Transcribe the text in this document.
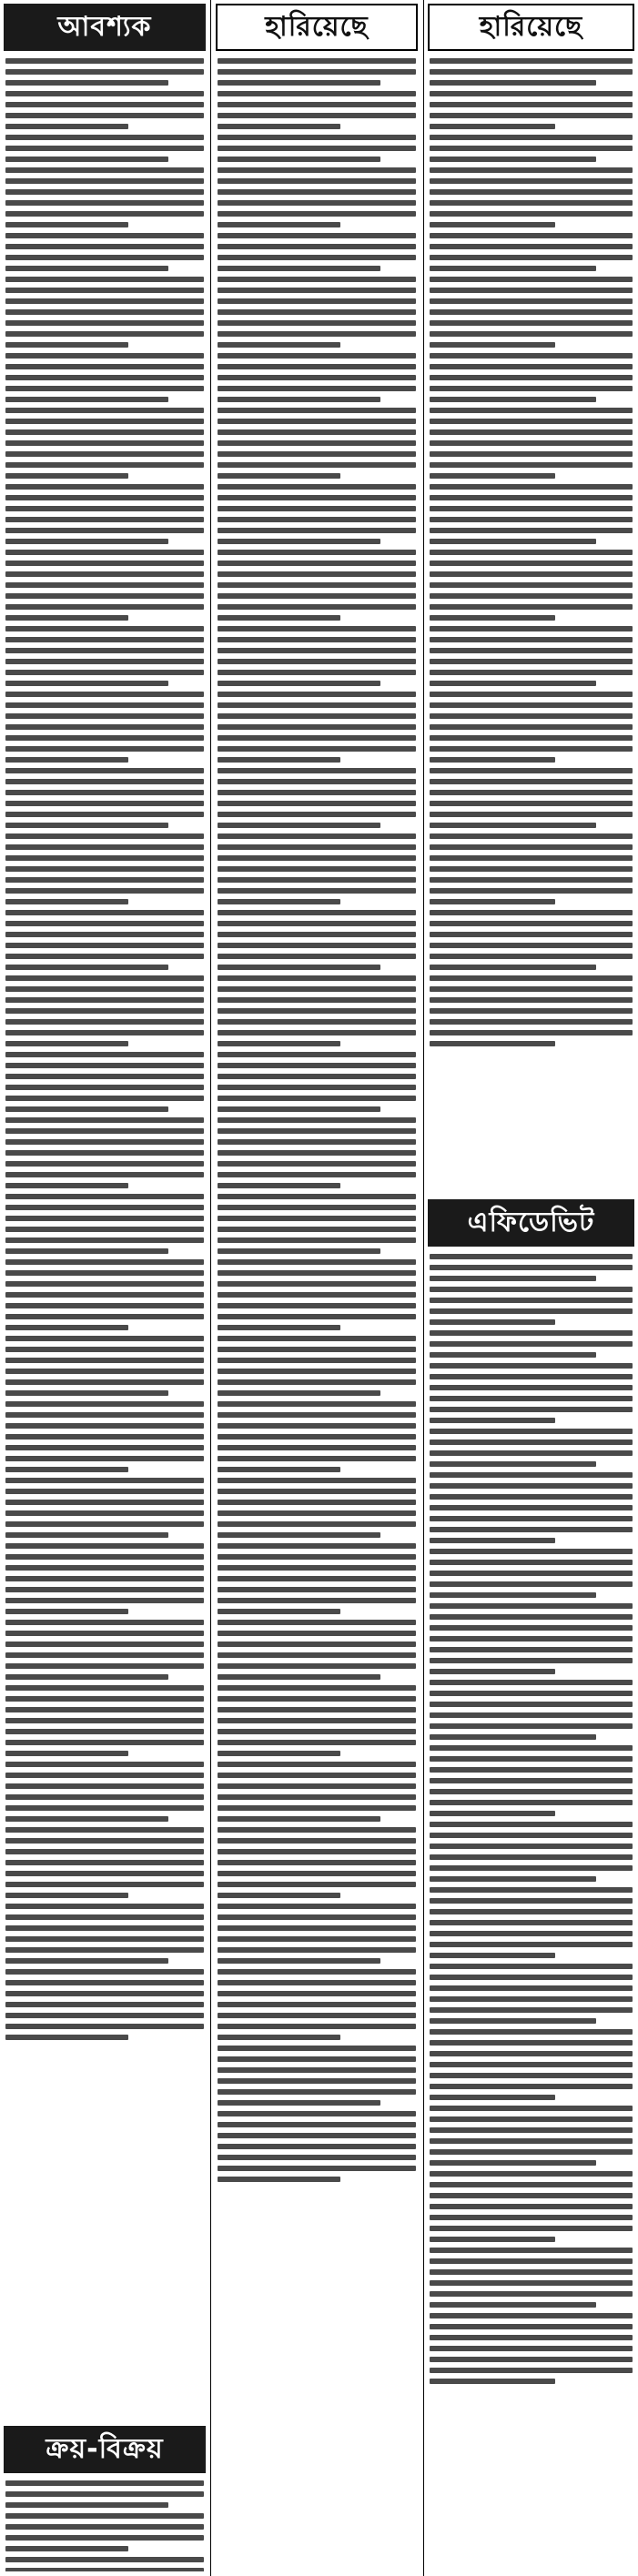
আবশ্যক
ক্রয়-বিক্রয়
হারিয়েছে	হারিয়েছে
এফিডেভিট
